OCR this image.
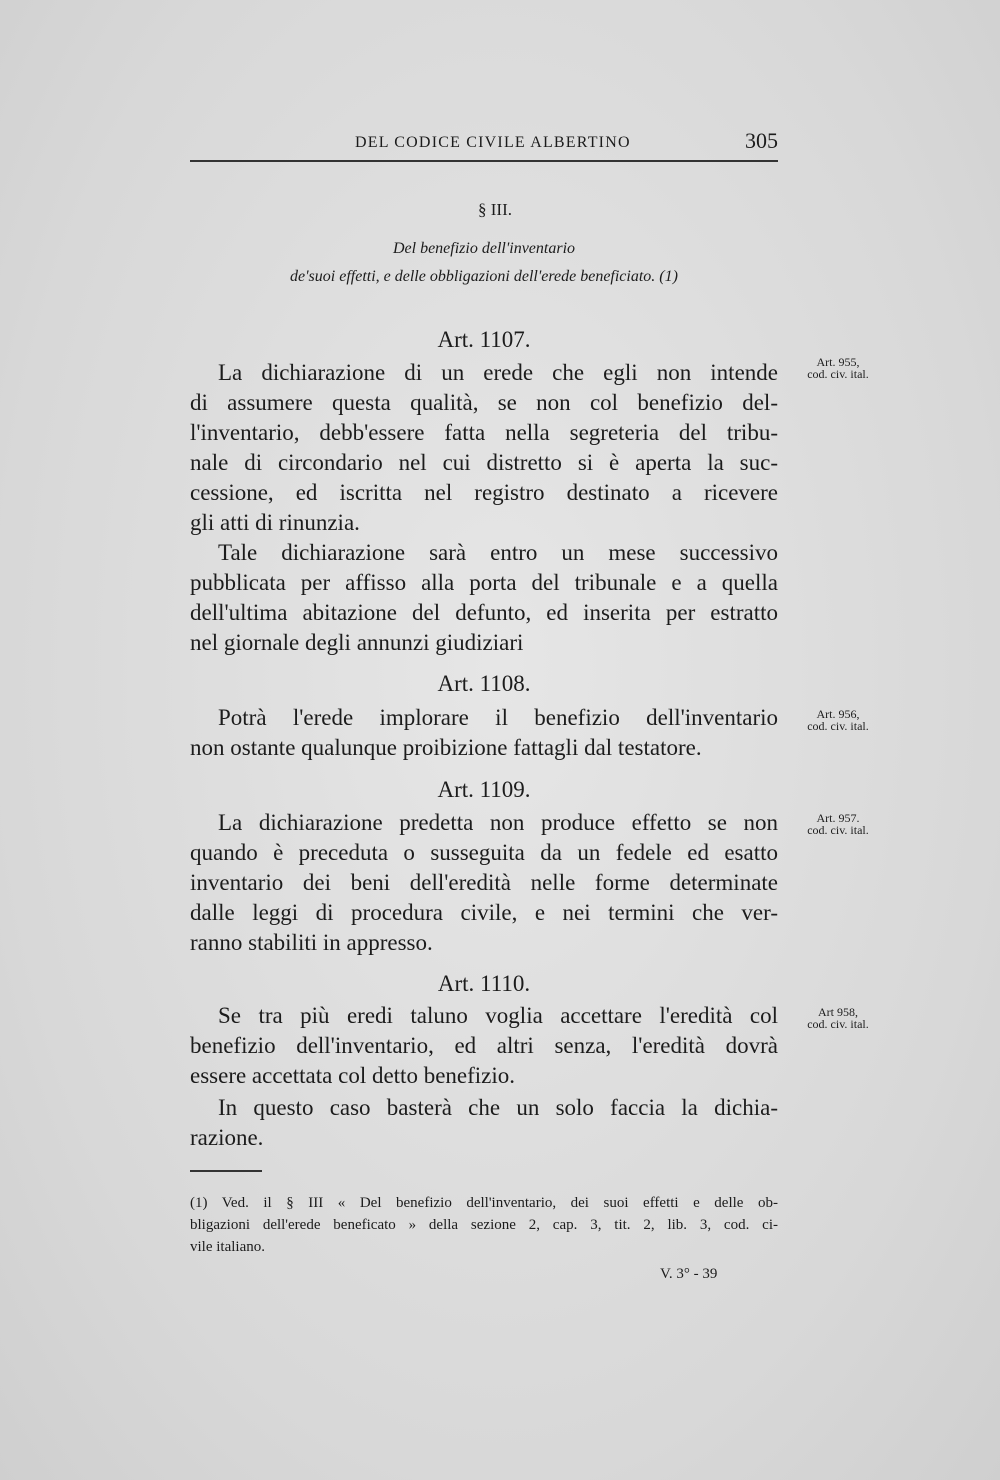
DEL CODICE CIVILE ALBERTINO	305
§ III.
Del benefizio dell'inventario
de'suoi effetti, e delle obbligazioni dell'erede beneficiato. (1)
Art. 1107.
Art. 955,
cod. civ. ital.
La dichiarazione di un erede che egli non intende
di assumere questa qualità, se non col benefizio del-
l'inventario, debb'essere fatta nella segreteria del tribu-
nale di circondario nel cui distretto si è aperta la suc-
cessione, ed iscritta nel registro destinato a ricevere
gli atti di rinunzia.
Tale dichiarazione sarà entro un mese successivo
pubblicata per affisso alla porta del tribunale e a quella
dell'ultima abitazione del defunto, ed inserita per estratto
nel giornale degli annunzi giudiziari
Art. 1108.
Art. 956,
cod. civ. ital.
Potrà l'erede implorare il benefizio dell'inventario
non ostante qualunque proibizione fattagli dal testatore.
Art. 1109.
Art. 957.
cod. civ. ital.
La dichiarazione predetta non produce effetto se non
quando è preceduta o susseguita da un fedele ed esatto
inventario dei beni dell'eredità nelle forme determinate
dalle leggi di procedura civile, e nei termini che ver-
ranno stabiliti in appresso.
Art. 1110.
Art 958,
cod. civ. ital.
Se tra più eredi taluno voglia accettare l'eredità col
benefizio dell'inventario, ed altri senza, l'eredità dovrà
essere accettata col detto benefizio.
In questo caso basterà che un solo faccia la dichia-
razione.
(1) Ved. il § III « Del benefizio dell'inventario, dei suoi effetti e delle ob-
bligazioni dell'erede beneficato » della sezione 2, cap. 3, tit. 2, lib. 3, cod. ci-
vile italiano.
V. 3° - 39
